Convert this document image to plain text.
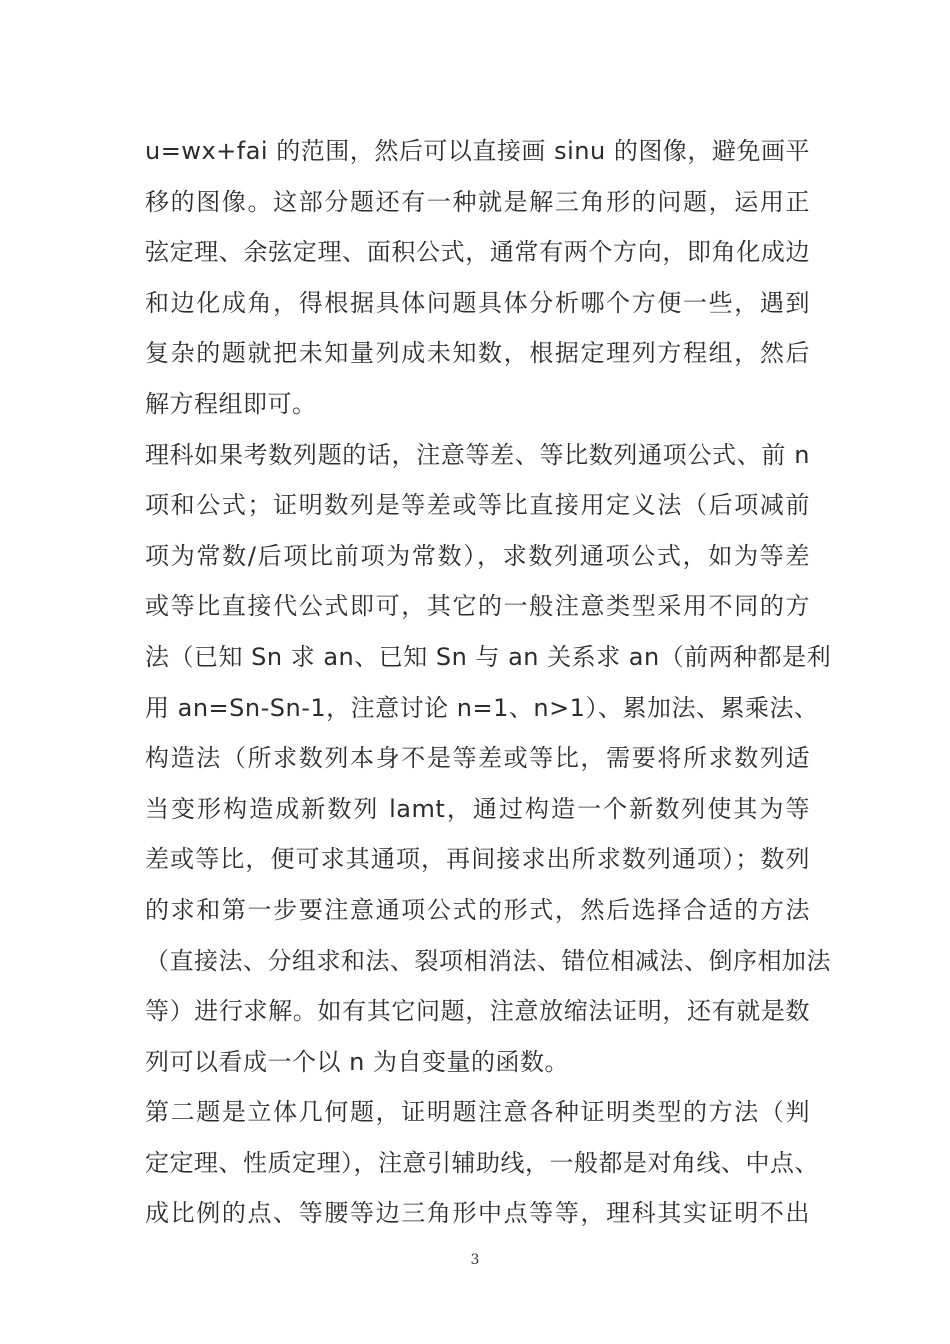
u=wx+fai 的范围，然后可以直接画 sinu 的图像，避免画平
移的图像。这部分题还有一种就是解三角形的问题，运用正
弦定理、余弦定理、面积公式，通常有两个方向，即角化成边
和边化成角，得根据具体问题具体分析哪个方便一些，遇到
复杂的题就把未知量列成未知数，根据定理列方程组，然后
解方程组即可。

理科如果考数列题的话，注意等差、等比数列通项公式、前 n
项和公式；证明数列是等差或等比直接用定义法（后项减前
项为常数/后项比前项为常数），求数列通项公式，如为等差
或等比直接代公式即可，其它的一般注意类型采用不同的方
法（已知 Sn 求 an、已知 Sn 与 an 关系求 an（前两种都是利
用 an=Sn-Sn-1，注意讨论 n=1、n>1）、累加法、累乘法、
构造法（所求数列本身不是等差或等比，需要将所求数列适
当变形构造成新数列 lamt，通过构造一个新数列使其为等
差或等比，便可求其通项，再间接求出所求数列通项）；数列
的求和第一步要注意通项公式的形式，然后选择合适的方法
（直接法、分组求和法、裂项相消法、错位相减法、倒序相加法
等）进行求解。如有其它问题，注意放缩法证明，还有就是数
列可以看成一个以 n 为自变量的函数。

第二题是立体几何题，证明题注意各种证明类型的方法（判
定定理、性质定理），注意引辅助线，一般都是对角线、中点、
成比例的点、等腰等边三角形中点等等，理科其实证明不出

3
